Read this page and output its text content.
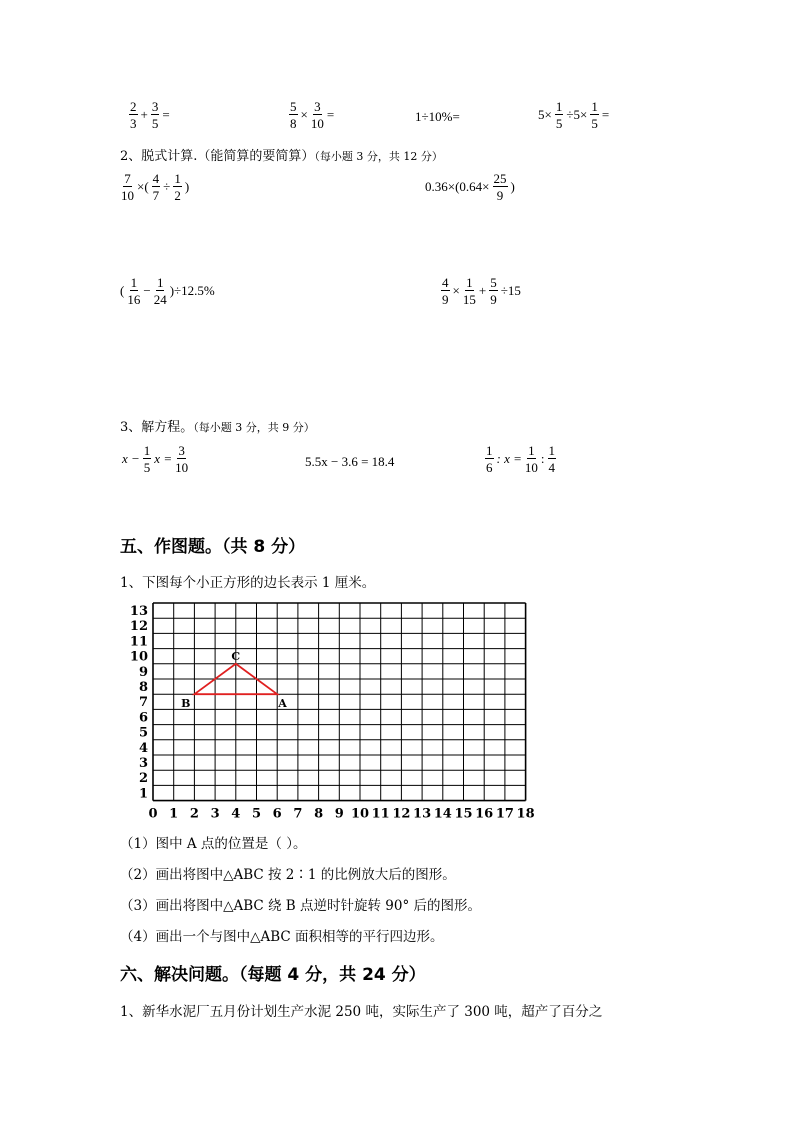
$\frac{2}{3} + \frac{3}{5}$ =	$\frac{5}{8} \times \frac{3}{10}$ =	1÷10%=	$5\times \frac{1}{5} \div 5\times \frac{1}{5}$ =
2、脱式计算.（能简算的要简算）（每小题 3 分，共 12 分）
$\frac{7}{10}$ ×( $\frac{4}{7} \div \frac{1}{2}$ )	$0.36\times(0.64\times \frac{25}{9}$ )
( $\frac{1}{16} - \frac{1}{24} )\div 12.5\%$	$\frac{4}{9} \times \frac{1}{15} + \frac{5}{9} \div 15$
3、解方程。（每小题 3 分，共 9 分）
$x - \frac{1}{5}$ $x = \frac{3}{10}$	5.5x − 3.6 = 18.4	$\frac{1}{6}$ : $x = \frac{1}{10}$ : $\frac{1}{4}$
五、作图题。（共 8 分）
1、下图每个小正方形的边长表示 1 厘米。
1
2
3
4
5
6
7
8
9
10
11
12
13
0 1 2 3 4 5 6 7 8 9 10 11 12 13 14 15 16 17 18
A
B
C
（1）图中 A 点的位置是（ ）。
（2）画出将图中△ABC 按 2∶1 的比例放大后的图形。
（3）画出将图中△ABC 绕 B 点逆时针旋转 90° 后的图形。
（4）画出一个与图中△ABC 面积相等的平行四边形。
六、解决问题。（每题 4 分，共 24 分）
1、新华水泥厂五月份计划生产水泥 250 吨，实际生产了 300 吨，超产了百分之
